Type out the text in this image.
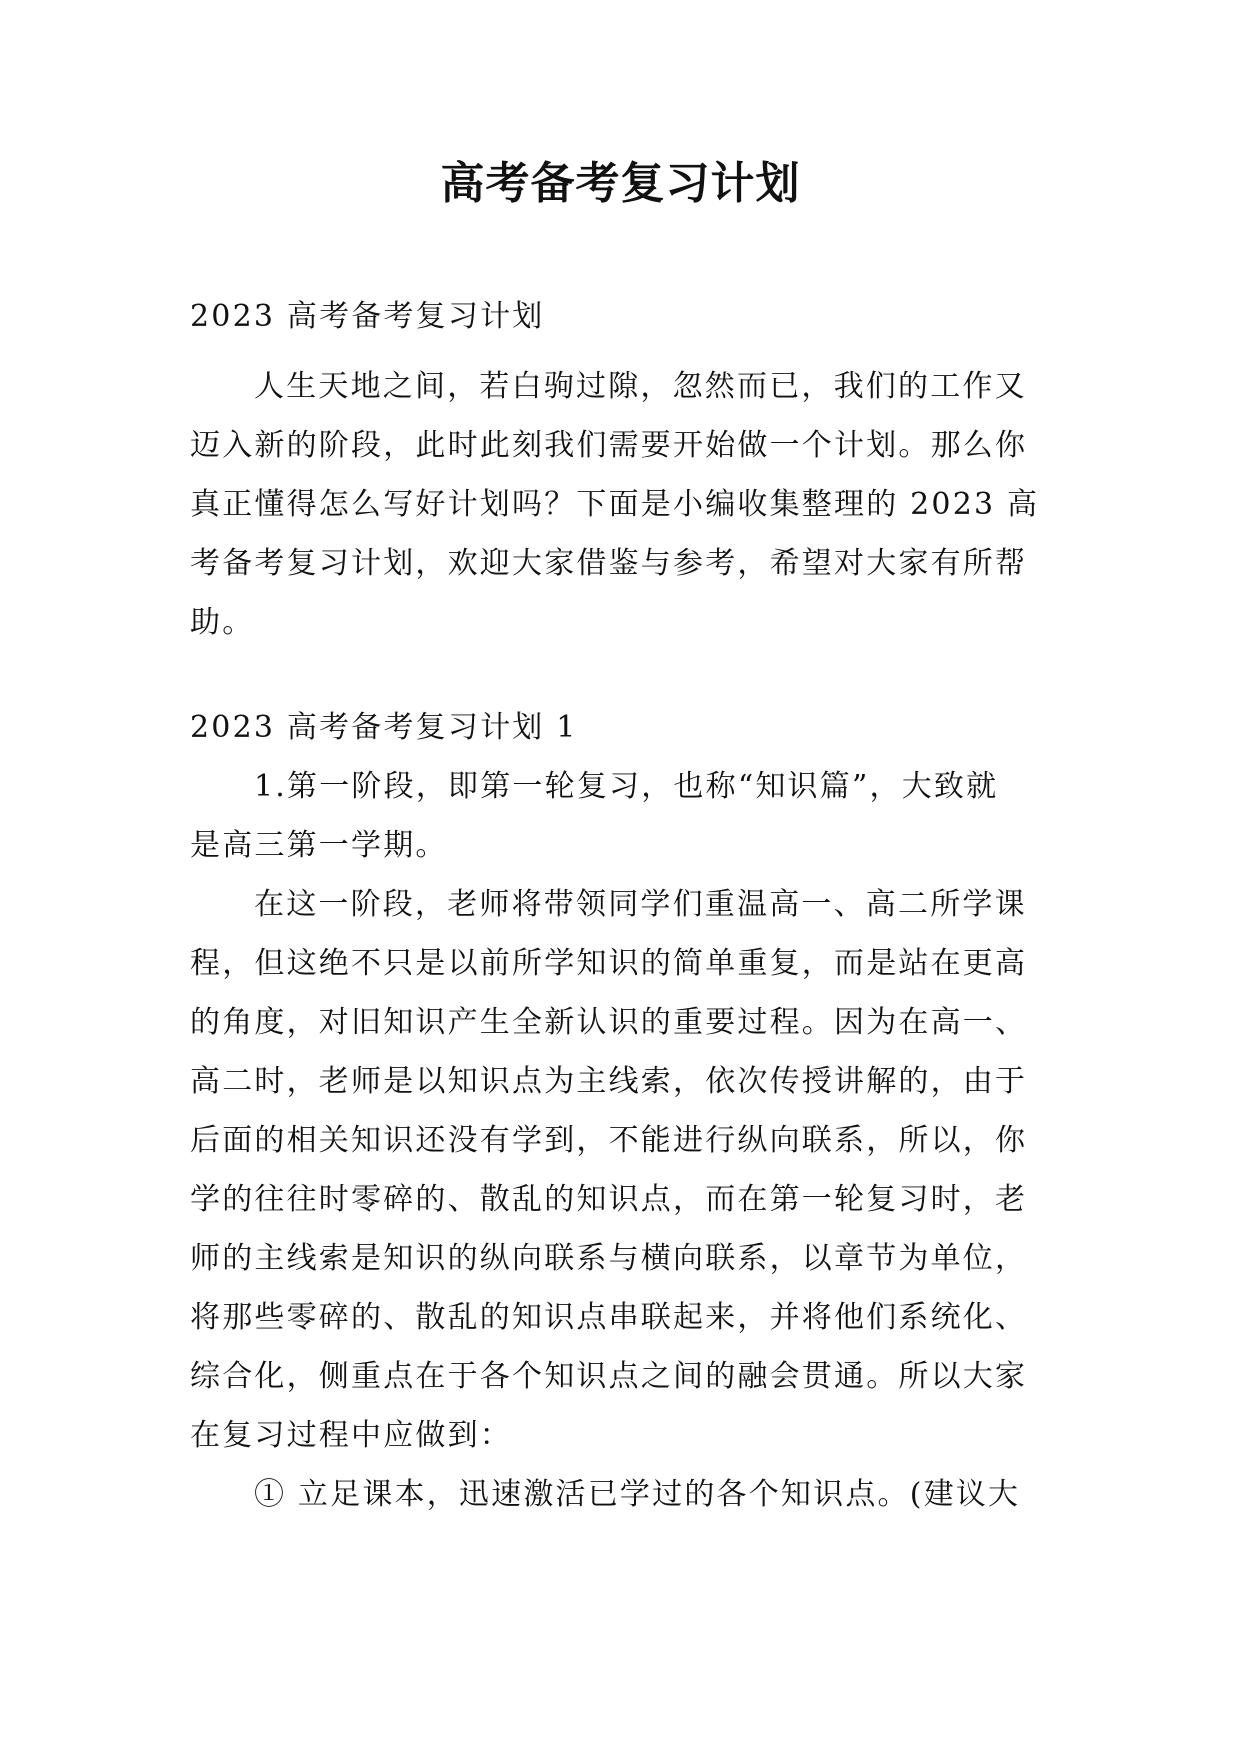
高考备考复习计划

2023 高考备考复习计划

人生天地之间，若白驹过隙，忽然而已，我们的工作又

迈入新的阶段，此时此刻我们需要开始做一个计划。那么你

真正懂得怎么写好计划吗？下面是小编收集整理的 2023 高

考备考复习计划，欢迎大家借鉴与参考，希望对大家有所帮

助。

2023 高考备考复习计划 1

1.第一阶段，即第一轮复习，也称“知识篇”，大致就

是高三第一学期。

在这一阶段，老师将带领同学们重温高一、高二所学课

程，但这绝不只是以前所学知识的简单重复，而是站在更高

的角度，对旧知识产生全新认识的重要过程。因为在高一、

高二时，老师是以知识点为主线索，依次传授讲解的，由于

后面的相关知识还没有学到，不能进行纵向联系，所以，你

学的往往时零碎的、散乱的知识点，而在第一轮复习时，老

师的主线索是知识的纵向联系与横向联系，以章节为单位，

将那些零碎的、散乱的知识点串联起来，并将他们系统化、

综合化，侧重点在于各个知识点之间的融会贯通。所以大家

在复习过程中应做到：

① 立足课本，迅速激活已学过的各个知识点。(建议大
